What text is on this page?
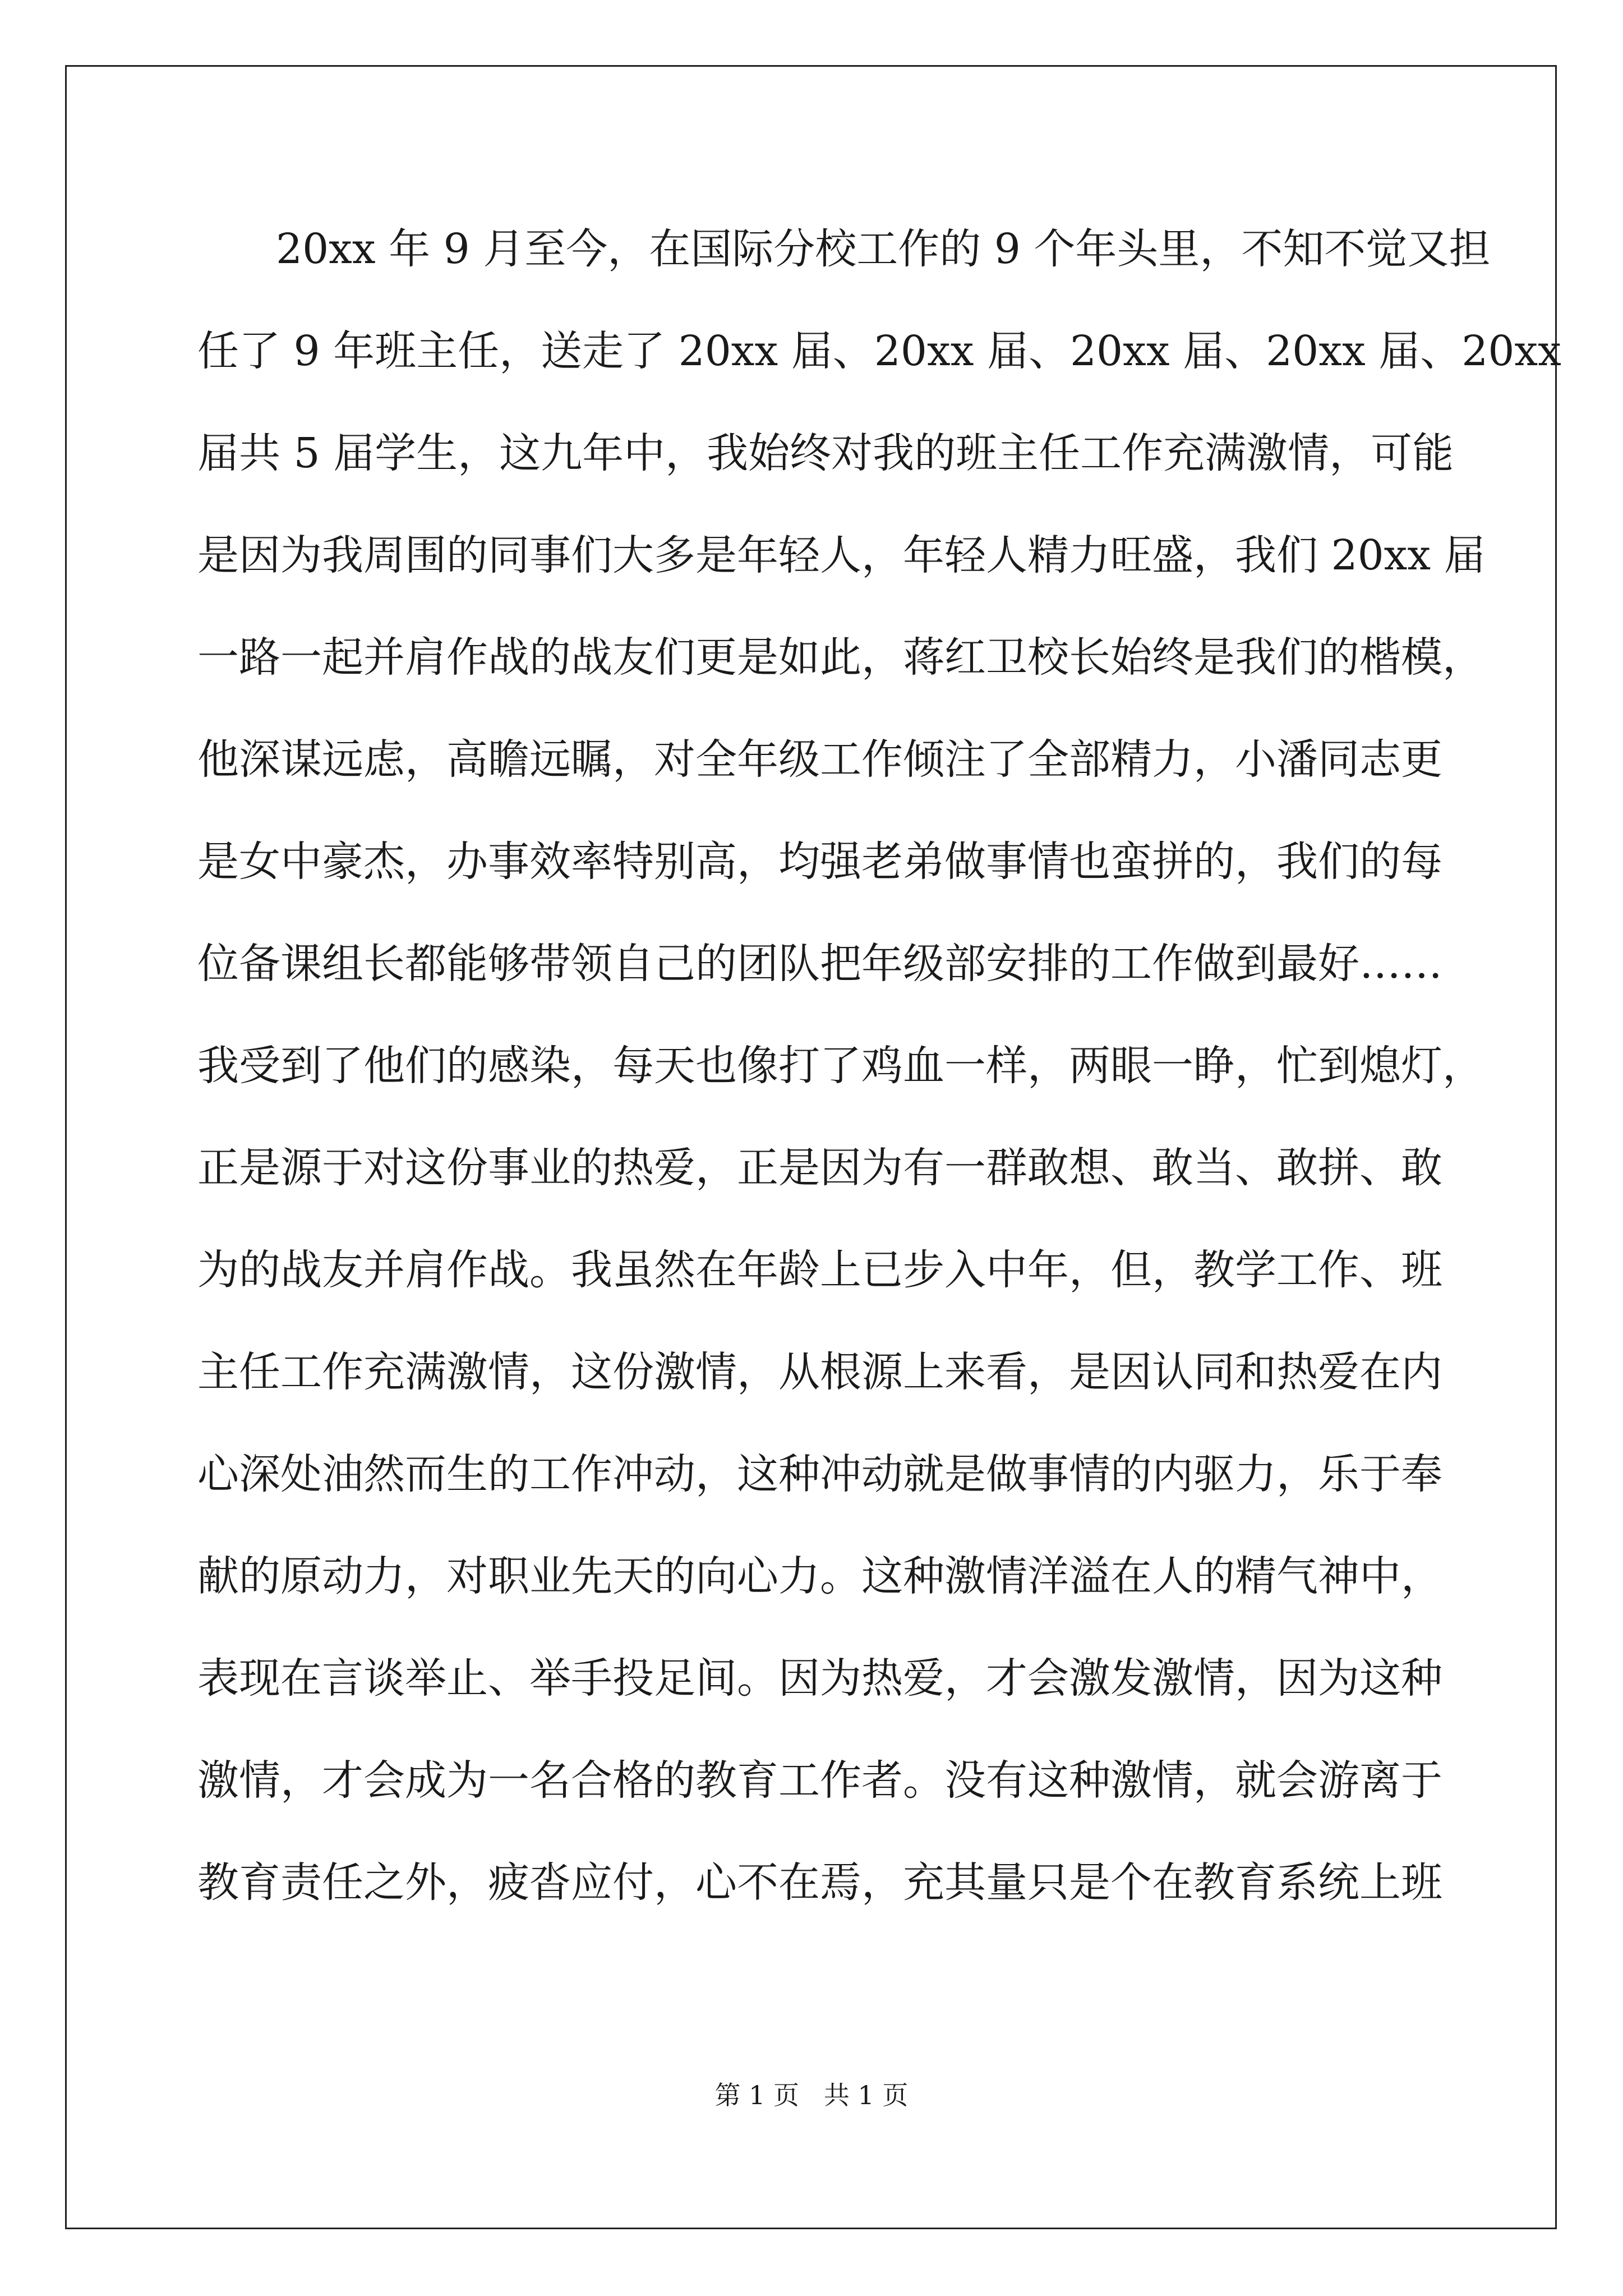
20xx 年 9 月至今，在国际分校工作的 9 个年头里，不知不觉又担
任了 9 年班主任，送走了 20xx 届、20xx 届、20xx 届、20xx 届、20xx
届共 5 届学生，这九年中，我始终对我的班主任工作充满激情，可能
是因为我周围的同事们大多是年轻人，年轻人精力旺盛，我们 20xx 届
一路一起并肩作战的战友们更是如此，蒋红卫校长始终是我们的楷模，
他深谋远虑，高瞻远瞩，对全年级工作倾注了全部精力，小潘同志更
是女中豪杰，办事效率特别高，均强老弟做事情也蛮拼的，我们的每
位备课组长都能够带领自己的团队把年级部安排的工作做到最好……
我受到了他们的感染，每天也像打了鸡血一样，两眼一睁，忙到熄灯，
正是源于对这份事业的热爱，正是因为有一群敢想、敢当、敢拼、敢
为的战友并肩作战。我虽然在年龄上已步入中年，但，教学工作、班
主任工作充满激情，这份激情，从根源上来看，是因认同和热爱在内
心深处油然而生的工作冲动，这种冲动就是做事情的内驱力，乐于奉
献的原动力，对职业先天的向心力。这种激情洋溢在人的精气神中，
表现在言谈举止、举手投足间。因为热爱，才会激发激情，因为这种
激情，才会成为一名合格的教育工作者。没有这种激情，就会游离于
教育责任之外，疲沓应付，心不在焉，充其量只是个在教育系统上班
第 1 页   共 1 页
